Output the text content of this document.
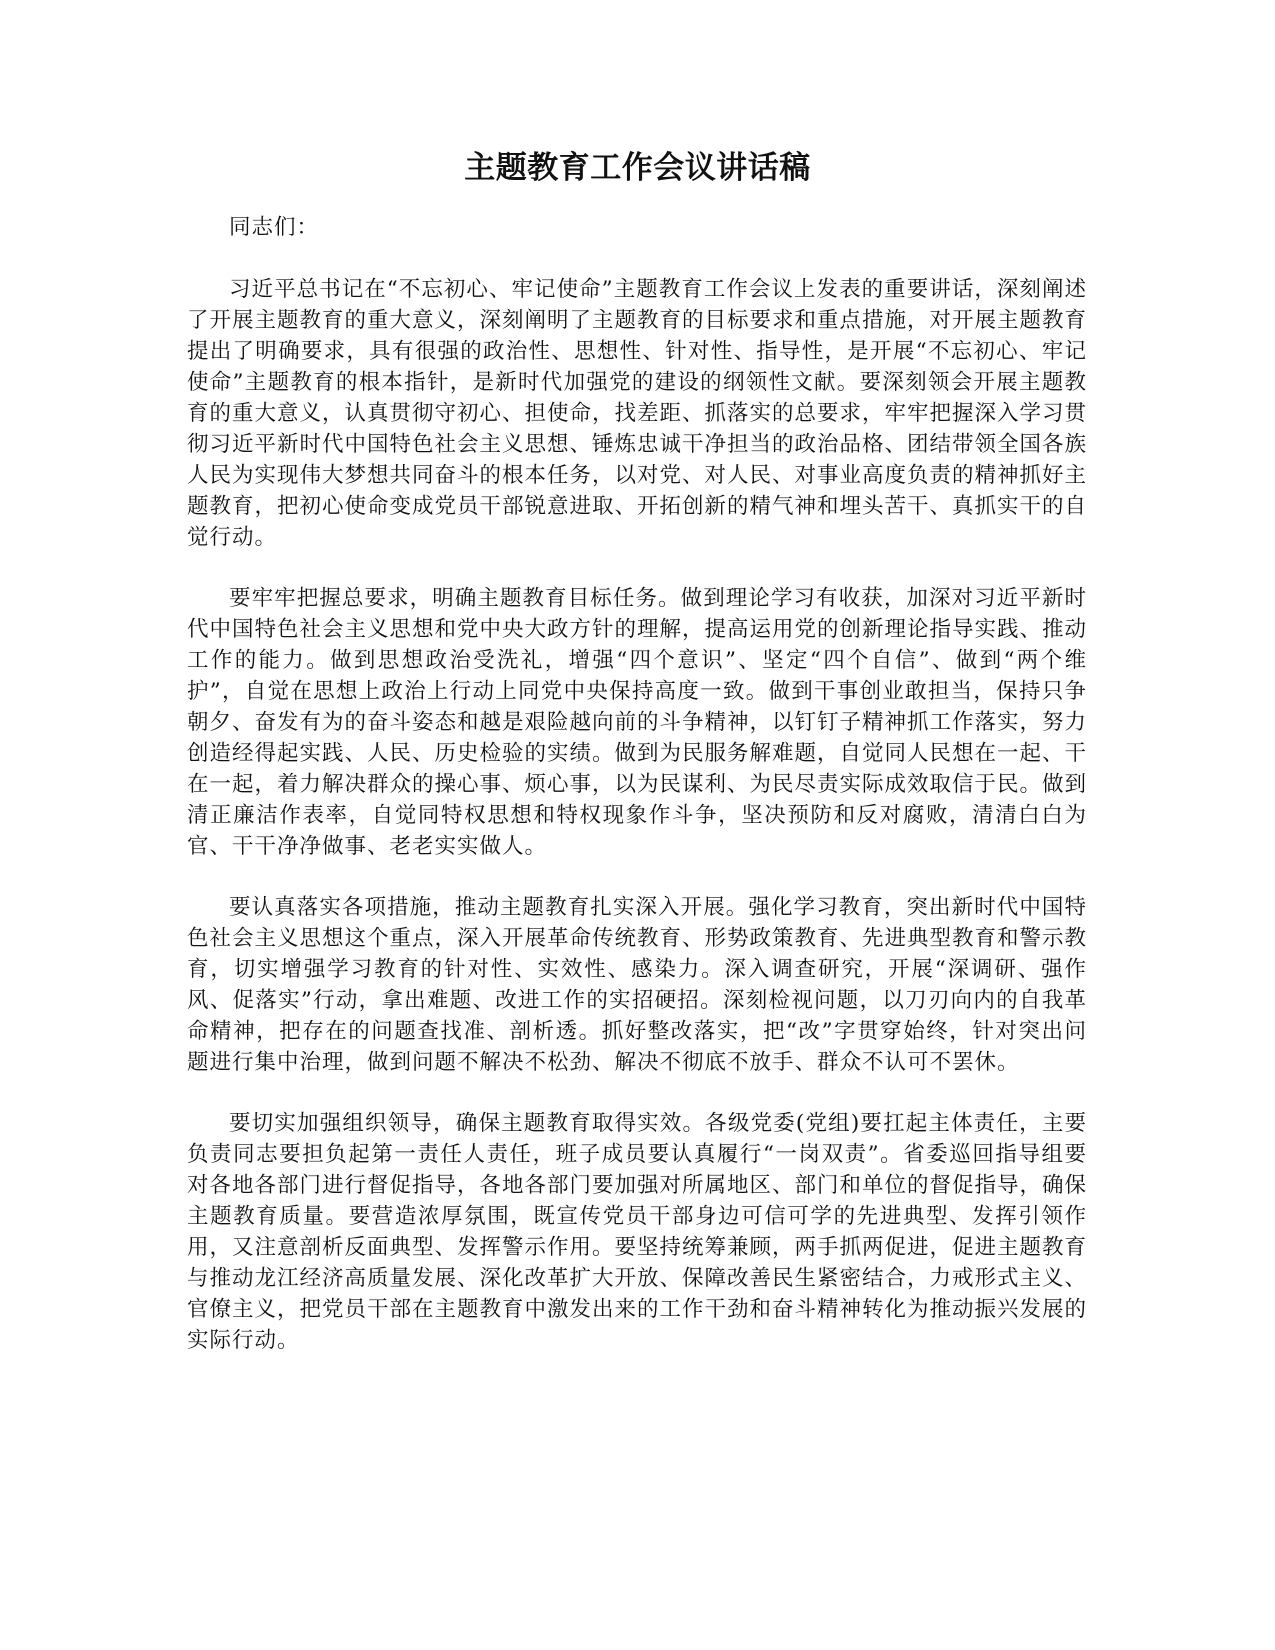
主题教育工作会议讲话稿

同志们：

习近平总书记在“不忘初心、牢记使命”主题教育工作会议上发表的重要讲话，深刻阐述了开展主题教育的重大意义，深刻阐明了主题教育的目标要求和重点措施，对开展主题教育提出了明确要求，具有很强的政治性、思想性、针对性、指导性，是开展“不忘初心、牢记使命”主题教育的根本指针，是新时代加强党的建设的纲领性文献。要深刻领会开展主题教育的重大意义，认真贯彻守初心、担使命，找差距、抓落实的总要求，牢牢把握深入学习贯彻习近平新时代中国特色社会主义思想、锤炼忠诚干净担当的政治品格、团结带领全国各族人民为实现伟大梦想共同奋斗的根本任务，以对党、对人民、对事业高度负责的精神抓好主题教育，把初心使命变成党员干部锐意进取、开拓创新的精气神和埋头苦干、真抓实干的自觉行动。

要牢牢把握总要求，明确主题教育目标任务。做到理论学习有收获，加深对习近平新时代中国特色社会主义思想和党中央大政方针的理解，提高运用党的创新理论指导实践、推动工作的能力。做到思想政治受洗礼，增强“四个意识”、坚定“四个自信”、做到“两个维护”，自觉在思想上政治上行动上同党中央保持高度一致。做到干事创业敢担当，保持只争朝夕、奋发有为的奋斗姿态和越是艰险越向前的斗争精神，以钉钉子精神抓工作落实，努力创造经得起实践、人民、历史检验的实绩。做到为民服务解难题，自觉同人民想在一起、干在一起，着力解决群众的操心事、烦心事，以为民谋利、为民尽责实际成效取信于民。做到清正廉洁作表率，自觉同特权思想和特权现象作斗争，坚决预防和反对腐败，清清白白为官、干干净净做事、老老实实做人。

要认真落实各项措施，推动主题教育扎实深入开展。强化学习教育，突出新时代中国特色社会主义思想这个重点，深入开展革命传统教育、形势政策教育、先进典型教育和警示教育，切实增强学习教育的针对性、实效性、感染力。深入调查研究，开展“深调研、强作风、促落实”行动，拿出难题、改进工作的实招硬招。深刻检视问题，以刀刃向内的自我革命精神，把存在的问题查找准、剖析透。抓好整改落实，把“改”字贯穿始终，针对突出问题进行集中治理，做到问题不解决不松劲、解决不彻底不放手、群众不认可不罢休。

要切实加强组织领导，确保主题教育取得实效。各级党委(党组)要扛起主体责任，主要负责同志要担负起第一责任人责任，班子成员要认真履行“一岗双责”。省委巡回指导组要对各地各部门进行督促指导，各地各部门要加强对所属地区、部门和单位的督促指导，确保主题教育质量。要营造浓厚氛围，既宣传党员干部身边可信可学的先进典型、发挥引领作用，又注意剖析反面典型、发挥警示作用。要坚持统筹兼顾，两手抓两促进，促进主题教育与推动龙江经济高质量发展、深化改革扩大开放、保障改善民生紧密结合，力戒形式主义、官僚主义，把党员干部在主题教育中激发出来的工作干劲和奋斗精神转化为推动振兴发展的实际行动。
